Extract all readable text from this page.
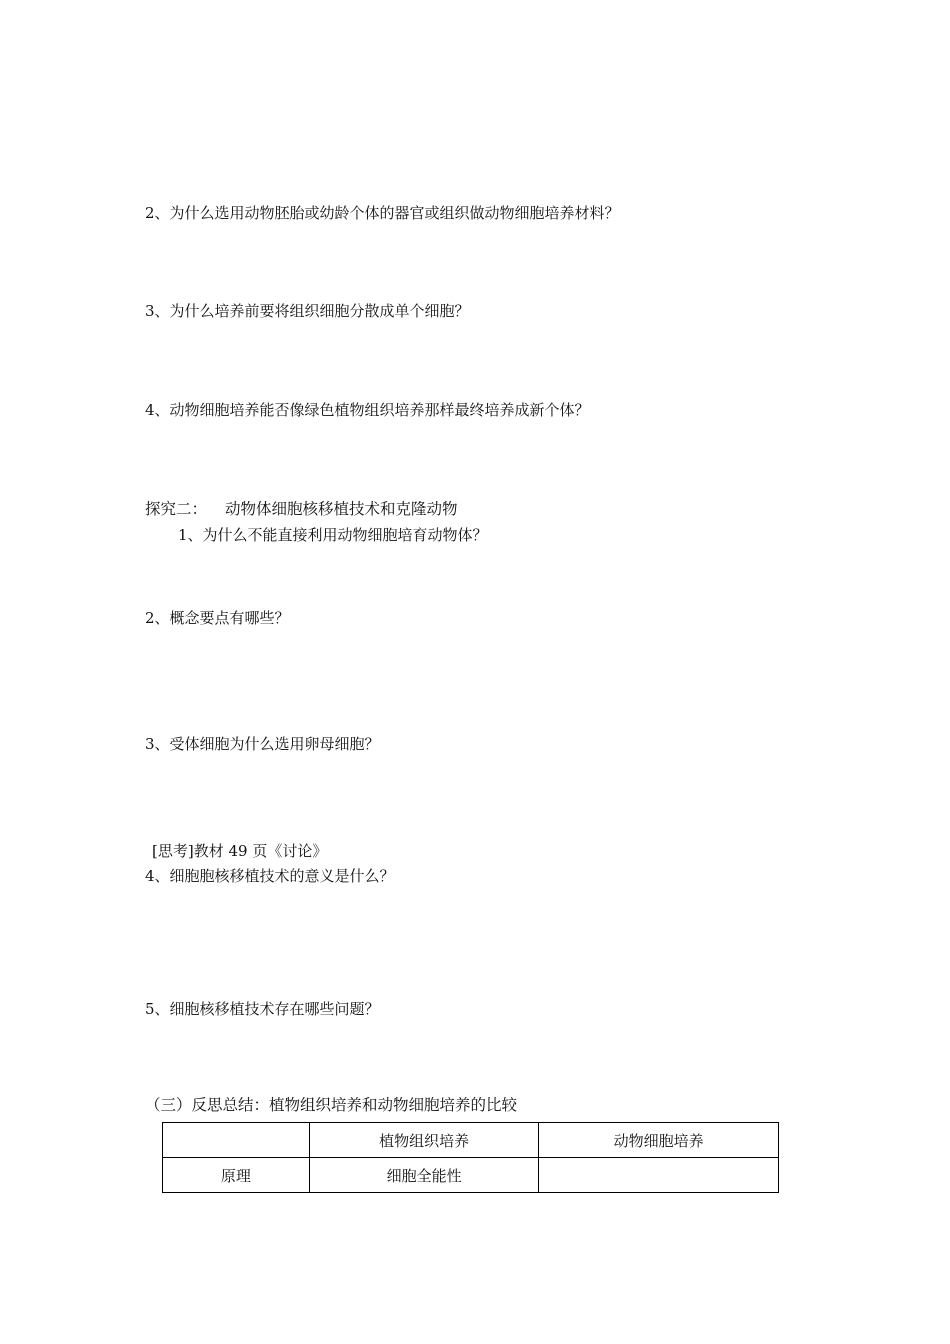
2、为什么选用动物胚胎或幼龄个体的器官或组织做动物细胞培养材料？
3、为什么培养前要将组织细胞分散成单个细胞？
4、动物细胞培养能否像绿色植物组织培养那样最终培养成新个体？
探究二： 动物体细胞核移植技术和克隆动物
1、为什么不能直接利用动物细胞培育动物体？
2、概念要点有哪些？
3、受体细胞为什么选用卵母细胞？
[思考]教材 49 页《讨论》
4、细胞胞核移植技术的意义是什么？
5、细胞核移植技术存在哪些问题？
（三）反思总结：植物组织培养和动物细胞培养的比较
	植物组织培养	动物细胞培养
原理	细胞全能性	
